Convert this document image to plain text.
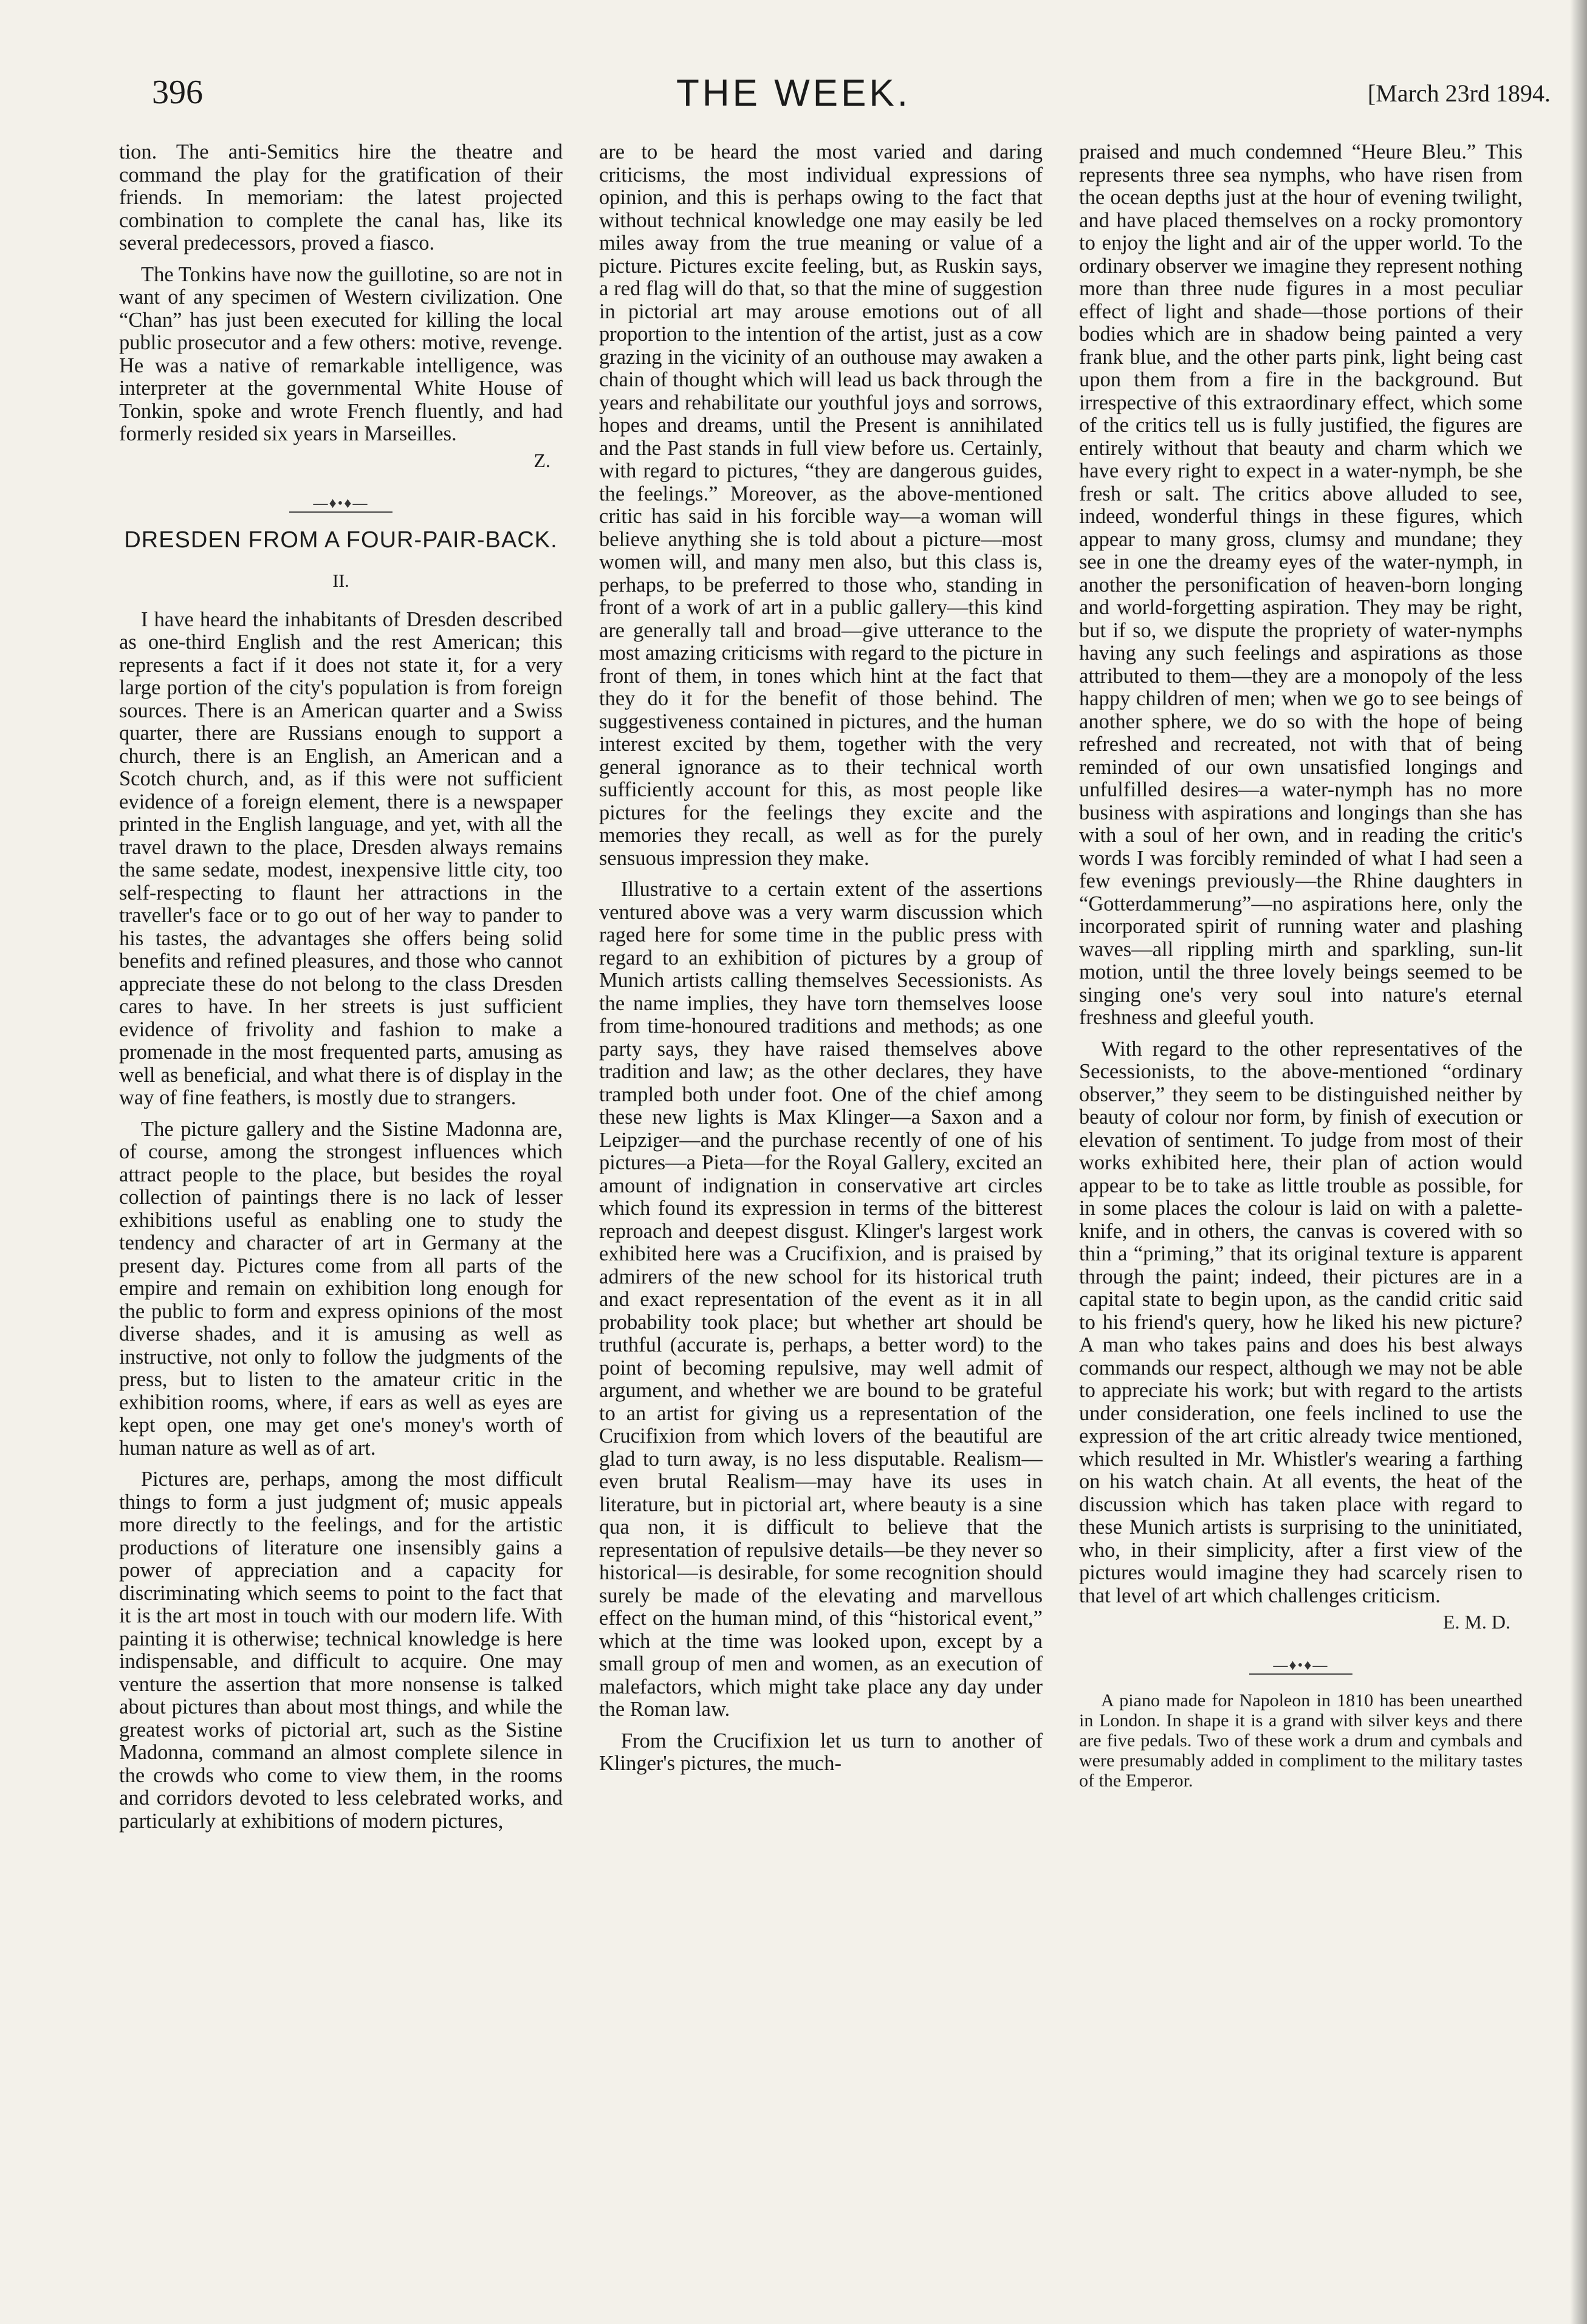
396	THE WEEK.	[March 23rd 1894.

tion. The anti-Semitics hire the theatre and command the play for the gratification of their friends. In memoriam: the latest projected combination to complete the canal has, like its several predecessors, proved a fiasco.

The Tonkins have now the guillotine, so are not in want of any specimen of Western civilization. One “Chan” has just been executed for killing the local public prosecutor and a few others: motive, revenge. He was a native of remarkable intelligence, was interpreter at the governmental White House of Tonkin, spoke and wrote French fluently, and had formerly resided six years in Marseilles.

Z.
—♦•♦—
DRESDEN FROM A FOUR-PAIR-BACK.
II.

I have heard the inhabitants of Dresden described as one-third English and the rest American; this represents a fact if it does not state it, for a very large portion of the city's population is from foreign sources. There is an American quarter and a Swiss quarter, there are Russians enough to support a church, there is an English, an American and a Scotch church, and, as if this were not sufficient evidence of a foreign element, there is a newspaper printed in the English language, and yet, with all the travel drawn to the place, Dresden always remains the same sedate, modest, inexpensive little city, too self-respecting to flaunt her attractions in the traveller's face or to go out of her way to pander to his tastes, the advantages she offers being solid benefits and refined pleasures, and those who cannot appreciate these do not belong to the class Dresden cares to have. In her streets is just sufficient evidence of frivolity and fashion to make a promenade in the most frequented parts, amusing as well as beneficial, and what there is of display in the way of fine feathers, is mostly due to strangers.

The picture gallery and the Sistine Madonna are, of course, among the strongest influences which attract people to the place, but besides the royal collection of paintings there is no lack of lesser exhibitions useful as enabling one to study the tendency and character of art in Germany at the present day. Pictures come from all parts of the empire and remain on exhibition long enough for the public to form and express opinions of the most diverse shades, and it is amusing as well as instructive, not only to follow the judgments of the press, but to listen to the amateur critic in the exhibition rooms, where, if ears as well as eyes are kept open, one may get one's money's worth of human nature as well as of art.

Pictures are, perhaps, among the most difficult things to form a just judgment of; music appeals more directly to the feelings, and for the artistic productions of literature one insensibly gains a power of appreciation and a capacity for discriminating which seems to point to the fact that it is the art most in touch with our modern life. With painting it is otherwise; technical knowledge is here indispensable, and difficult to acquire. One may venture the assertion that more nonsense is talked about pictures than about most things, and while the greatest works of pictorial art, such as the Sistine Madonna, command an almost complete silence in the crowds who come to view them, in the rooms and corridors devoted to less celebrated works, and particularly at exhibitions of modern pictures,

are to be heard the most varied and daring criticisms, the most individual expressions of opinion, and this is perhaps owing to the fact that without technical knowledge one may easily be led miles away from the true meaning or value of a picture. Pictures excite feeling, but, as Ruskin says, a red flag will do that, so that the mine of suggestion in pictorial art may arouse emotions out of all proportion to the intention of the artist, just as a cow grazing in the vicinity of an outhouse may awaken a chain of thought which will lead us back through the years and rehabilitate our youthful joys and sorrows, hopes and dreams, until the Present is annihilated and the Past stands in full view before us. Certainly, with regard to pictures, “they are dangerous guides, the feelings.” Moreover, as the above-mentioned critic has said in his forcible way—a woman will believe anything she is told about a picture—most women will, and many men also, but this class is, perhaps, to be preferred to those who, standing in front of a work of art in a public gallery—this kind are generally tall and broad—give utterance to the most amazing criticisms with regard to the picture in front of them, in tones which hint at the fact that they do it for the benefit of those behind. The suggestiveness contained in pictures, and the human interest excited by them, together with the very general ignorance as to their technical worth sufficiently account for this, as most people like pictures for the feelings they excite and the memories they recall, as well as for the purely sensuous impression they make.

Illustrative to a certain extent of the assertions ventured above was a very warm discussion which raged here for some time in the public press with regard to an exhibition of pictures by a group of Munich artists calling themselves Secessionists. As the name implies, they have torn themselves loose from time-honoured traditions and methods; as one party says, they have raised themselves above tradition and law; as the other declares, they have trampled both under foot. One of the chief among these new lights is Max Klinger—a Saxon and a Leipziger—and the purchase recently of one of his pictures—a Pieta—for the Royal Gallery, excited an amount of indignation in conservative art circles which found its expression in terms of the bitterest reproach and deepest disgust. Klinger's largest work exhibited here was a Crucifixion, and is praised by admirers of the new school for its historical truth and exact representation of the event as it in all probability took place; but whether art should be truthful (accurate is, perhaps, a better word) to the point of becoming repulsive, may well admit of argument, and whether we are bound to be grateful to an artist for giving us a representation of the Crucifixion from which lovers of the beautiful are glad to turn away, is no less disputable. Realism—even brutal Realism—may have its uses in literature, but in pictorial art, where beauty is a sine qua non, it is difficult to believe that the representation of repulsive details—be they never so historical—is desirable, for some recognition should surely be made of the elevating and marvellous effect on the human mind, of this “historical event,” which at the time was looked upon, except by a small group of men and women, as an execution of malefactors, which might take place any day under the Roman law.

From the Crucifixion let us turn to another of Klinger's pictures, the much-

praised and much condemned “Heure Bleu.” This represents three sea nymphs, who have risen from the ocean depths just at the hour of evening twilight, and have placed themselves on a rocky promontory to enjoy the light and air of the upper world. To the ordinary observer we imagine they represent nothing more than three nude figures in a most peculiar effect of light and shade—those portions of their bodies which are in shadow being painted a very frank blue, and the other parts pink, light being cast upon them from a fire in the background. But irrespective of this extraordinary effect, which some of the critics tell us is fully justified, the figures are entirely without that beauty and charm which we have every right to expect in a water-nymph, be she fresh or salt. The critics above alluded to see, indeed, wonderful things in these figures, which appear to many gross, clumsy and mundane; they see in one the dreamy eyes of the water-nymph, in another the personification of heaven-born longing and world-forgetting aspiration. They may be right, but if so, we dispute the propriety of water-nymphs having any such feelings and aspirations as those attributed to them—they are a monopoly of the less happy children of men; when we go to see beings of another sphere, we do so with the hope of being refreshed and recreated, not with that of being reminded of our own unsatisfied longings and unfulfilled desires—a water-nymph has no more business with aspirations and longings than she has with a soul of her own, and in reading the critic's words I was forcibly reminded of what I had seen a few evenings previously—the Rhine daughters in “Gotterdammerung”—no aspirations here, only the incorporated spirit of running water and plashing waves—all rippling mirth and sparkling, sun-lit motion, until the three lovely beings seemed to be singing one's very soul into nature's eternal freshness and gleeful youth.

With regard to the other representatives of the Secessionists, to the above-mentioned “ordinary observer,” they seem to be distinguished neither by beauty of colour nor form, by finish of execution or elevation of sentiment. To judge from most of their works exhibited here, their plan of action would appear to be to take as little trouble as possible, for in some places the colour is laid on with a palette-knife, and in others, the canvas is covered with so thin a “priming,” that its original texture is apparent through the paint; indeed, their pictures are in a capital state to begin upon, as the candid critic said to his friend's query, how he liked his new picture? A man who takes pains and does his best always commands our respect, although we may not be able to appreciate his work; but with regard to the artists under consideration, one feels inclined to use the expression of the art critic already twice mentioned, which resulted in Mr. Whistler's wearing a farthing on his watch chain. At all events, the heat of the discussion which has taken place with regard to these Munich artists is surprising to the uninitiated, who, in their simplicity, after a first view of the pictures would imagine they had scarcely risen to that level of art which challenges criticism.

E. M. D.
—♦•♦—

A piano made for Napoleon in 1810 has been unearthed in London. In shape it is a grand with silver keys and there are five pedals. Two of these work a drum and cymbals and were presumably added in compliment to the military tastes of the Emperor.
